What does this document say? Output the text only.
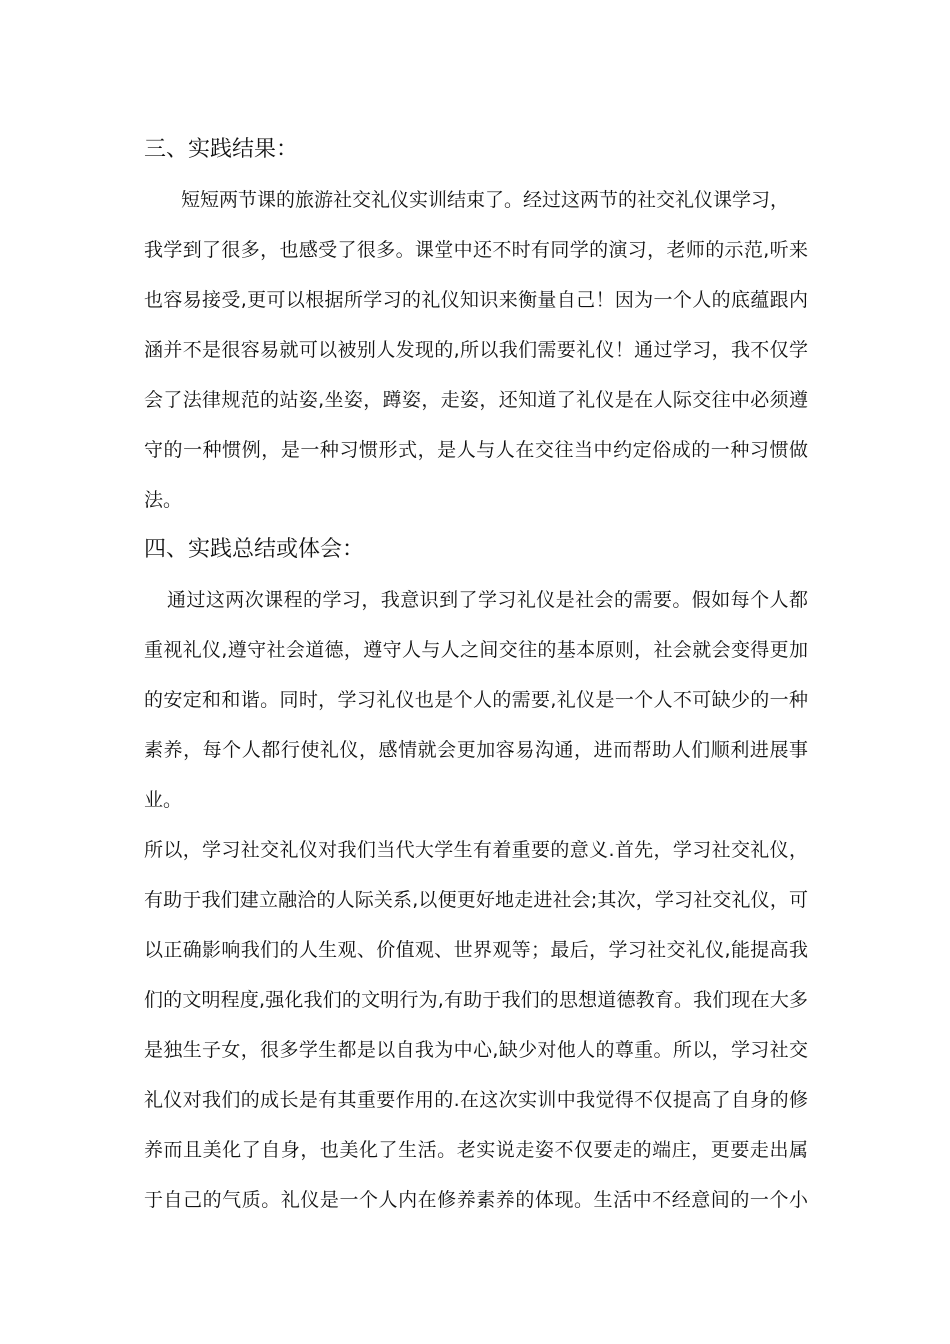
三、实践结果：
短短两节课的旅游社交礼仪实训结束了。经过这两节的社交礼仪课学习，
我学到了很多，也感受了很多。课堂中还不时有同学的演习，老师的示范,听来
也容易接受,更可以根据所学习的礼仪知识来衡量自己！因为一个人的底蕴跟内
涵并不是很容易就可以被别人发现的,所以我们需要礼仪！通过学习，我不仅学
会了法律规范的站姿,坐姿，蹲姿，走姿，还知道了礼仪是在人际交往中必须遵
守的一种惯例，是一种习惯形式，是人与人在交往当中约定俗成的一种习惯做
法。
四、实践总结或体会：
通过这两次课程的学习，我意识到了学习礼仪是社会的需要。假如每个人都
重视礼仪,遵守社会道德，遵守人与人之间交往的基本原则，社会就会变得更加
的安定和和谐。同时，学习礼仪也是个人的需要,礼仪是一个人不可缺少的一种
素养，每个人都行使礼仪，感情就会更加容易沟通，进而帮助人们顺利进展事
业。
所以，学习社交礼仪对我们当代大学生有着重要的意义.首先，学习社交礼仪，
有助于我们建立融洽的人际关系,以便更好地走进社会;其次，学习社交礼仪，可
以正确影响我们的人生观、价值观、世界观等；最后，学习社交礼仪,能提高我
们的文明程度,强化我们的文明行为,有助于我们的思想道德教育。我们现在大多
是独生子女，很多学生都是以自我为中心,缺少对他人的尊重。所以，学习社交
礼仪对我们的成长是有其重要作用的.在这次实训中我觉得不仅提高了自身的修
养而且美化了自身，也美化了生活。老实说走姿不仅要走的端庄，更要走出属
于自己的气质。礼仪是一个人内在修养素养的体现。生活中不经意间的一个小
